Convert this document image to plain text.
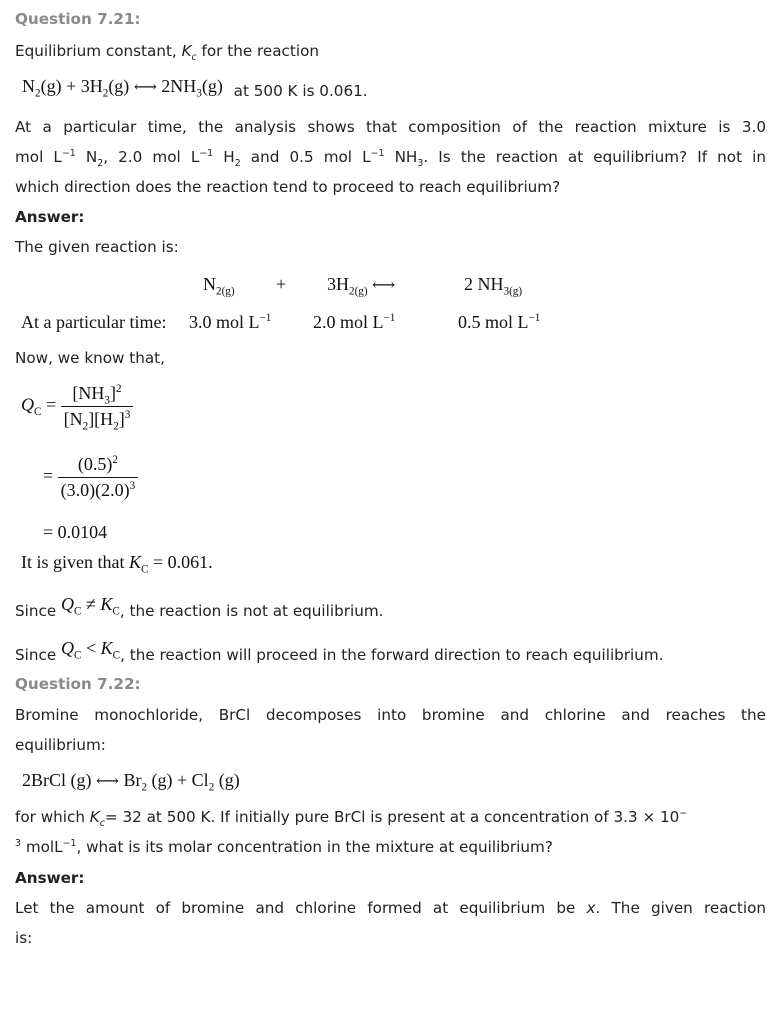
Question 7.21:
Equilibrium constant, $K_c$ for the reaction
$N_2(g) + 3H_2(g)$ ⟷ $2NH_3(g)$ at 500 K is 0.061.
At a particular time, the analysis shows that composition of the reaction mixture is 3.0
mol $L^{-1}$ $N_2$, 2.0 mol $L^{-1}$ $H_2$ and 0.5 mol $L^{-1}$ $NH_3$. Is the reaction at equilibrium? If not in
which direction does the reaction tend to proceed to reach equilibrium?
Answer:
The given reaction is:
$N_{2(g)} + 3H_{2(g)}$ ⟷	2 $NH_{3(g)}$
At a particular time: 3.0 mol $L^{-1}$ 2.0 mol $L^{-1}$	0.5 mol $L^{-1}$
Now, we know that,
$Q_C = \frac{[NH_3]^2}{[N_2][H_2]^3}$
= $\frac{(0.5)^2}{(3.0)(2.0)^3}$
= 0.0104
It is given that $K_C = 0.061$.
Since $Q_C \ne K_C$, the reaction is not at equilibrium.
Since $Q_C < K_C$, the reaction will proceed in the forward direction to reach equilibrium.
Question 7.22:
Bromine monochloride, BrCl decomposes into bromine and chlorine and reaches the
equilibrium:
2BrCl (g) ⟷ $Br_2$ $(g) + Cl_2$ (g)
for which $K_c= 32$ at 500 K. If initially pure BrCl is present at a concentration of 3.3 × 10−
$^3$ molL$^{-1}$, what is its molar concentration in the mixture at equilibrium?
Answer:
Let the amount of bromine and chlorine formed at equilibrium be x. The given reaction
is:
